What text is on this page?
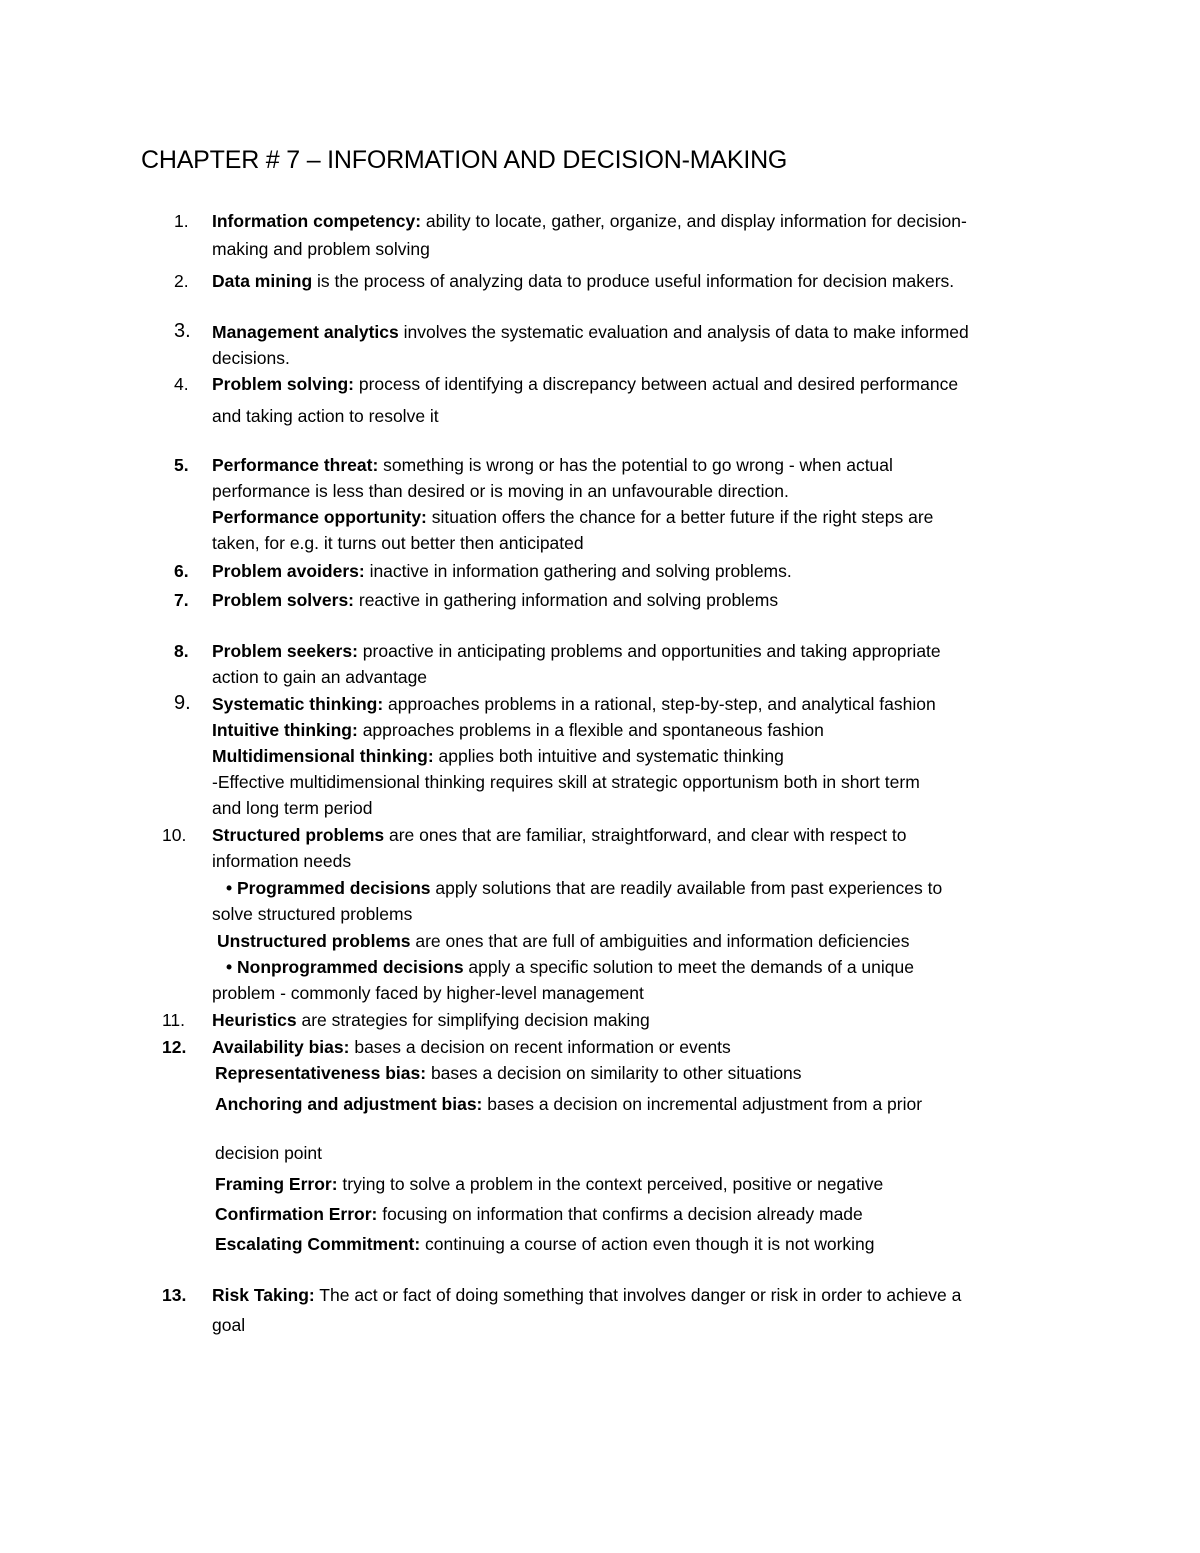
CHAPTER # 7 – INFORMATION AND DECISION-MAKING
1. Information competency: ability to locate, gather, organize, and display information for decision-
making and problem solving
2. Data mining is the process of analyzing data to produce useful information for decision makers.
3. Management analytics involves the systematic evaluation and analysis of data to make informed
decisions.
4. Problem solving: process of identifying a discrepancy between actual and desired performance
and taking action to resolve it
5. Performance threat: something is wrong or has the potential to go wrong - when actual
performance is less than desired or is moving in an unfavourable direction.
Performance opportunity: situation offers the chance for a better future if the right steps are
taken, for e.g. it turns out better then anticipated
6. Problem avoiders: inactive in information gathering and solving problems.
7. Problem solvers: reactive in gathering information and solving problems
8. Problem seekers: proactive in anticipating problems and opportunities and taking appropriate
action to gain an advantage
9. Systematic thinking: approaches problems in a rational, step-by-step, and analytical fashion
Intuitive thinking: approaches problems in a flexible and spontaneous fashion
Multidimensional thinking: applies both intuitive and systematic thinking
-Effective multidimensional thinking requires skill at strategic opportunism both in short term
and long term period
10. Structured problems are ones that are familiar, straightforward, and clear with respect to
information needs
• Programmed decisions apply solutions that are readily available from past experiences to
solve structured problems
Unstructured problems are ones that are full of ambiguities and information deficiencies
• Nonprogrammed decisions apply a specific solution to meet the demands of a unique
problem - commonly faced by higher-level management
11. Heuristics are strategies for simplifying decision making
12. Availability bias: bases a decision on recent information or events
Representativeness bias: bases a decision on similarity to other situations
Anchoring and adjustment bias: bases a decision on incremental adjustment from a prior
decision point
Framing Error: trying to solve a problem in the context perceived, positive or negative
Confirmation Error: focusing on information that confirms a decision already made
Escalating Commitment: continuing a course of action even though it is not working
13. Risk Taking: The act or fact of doing something that involves danger or risk in order to achieve a
goal
